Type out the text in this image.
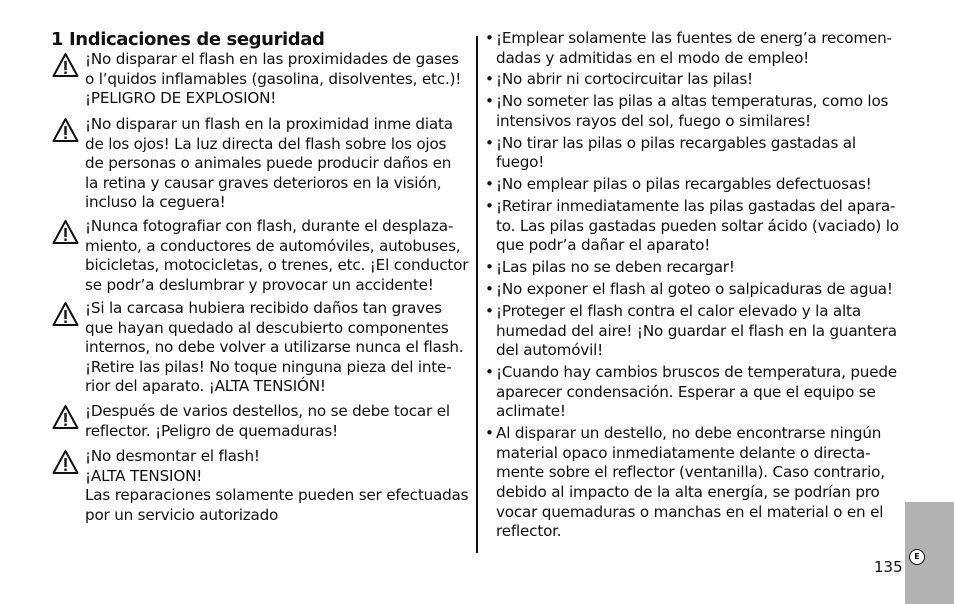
1 Indicaciones de seguridad
¡No disparar el flash en las proximidades de gases
o l’quidos inflamables (gasolina, disolventes, etc.)!
¡PELIGRO DE EXPLOSION!
¡No disparar un flash en la proximidad inme diata
de los ojos! La luz directa del flash sobre los ojos
de personas o animales puede producir daños en
la retina y causar graves deterioros en la visión,
incluso la ceguera!
¡Nunca fotografiar con flash, durante el desplaza-
miento, a conductores de automóviles, autobuses,
bicicletas, motocicletas, o trenes, etc. ¡El conductor
se podr’a deslumbrar y provocar un accidente!
¡Si la carcasa hubiera recibido daños tan graves
que hayan quedado al descubierto componentes
internos, no debe volver a utilizarse nunca el flash.
¡Retire las pilas! No toque ninguna pieza del inte-
rior del aparato. ¡ALTA TENSIÓN!
¡Después de varios destellos, no se debe tocar el
reflector. ¡Peligro de quemaduras!
¡No desmontar el flash!
¡ALTA TENSION!
Las reparaciones solamente pueden ser efectuadas
por un servicio autorizado
• ¡Emplear solamente las fuentes de energ’a recomen-
dadas y admitidas en el modo de empleo!
• ¡No abrir ni cortocircuitar las pilas!
• ¡No someter las pilas a altas temperaturas, como los
intensivos rayos del sol, fuego o similares!
• ¡No tirar las pilas o pilas recargables gastadas al
fuego!
• ¡No emplear pilas o pilas recargables defectuosas!
• ¡Retirar inmediatamente las pilas gastadas del apara-
to. Las pilas gastadas pueden soltar ácido (vaciado) lo
que podr’a dañar el aparato!
• ¡Las pilas no se deben recargar!
• ¡No exponer el flash al goteo o salpicaduras de agua!
• ¡Proteger el flash contra el calor elevado y la alta
humedad del aire! ¡No guardar el flash en la guantera
del automóvil!
• ¡Cuando hay cambios bruscos de temperatura, puede
aparecer condensación. Esperar a que el equipo se
aclimate!
• Al disparar un destello, no debe encontrarse ningún
material opaco inmediatamente delante o directa-
mente sobre el reflector (ventanilla). Caso contrario,
debido al impacto de la alta energía, se podrían pro
vocar quemaduras o manchas en el material o en el
reflector.
E
135
